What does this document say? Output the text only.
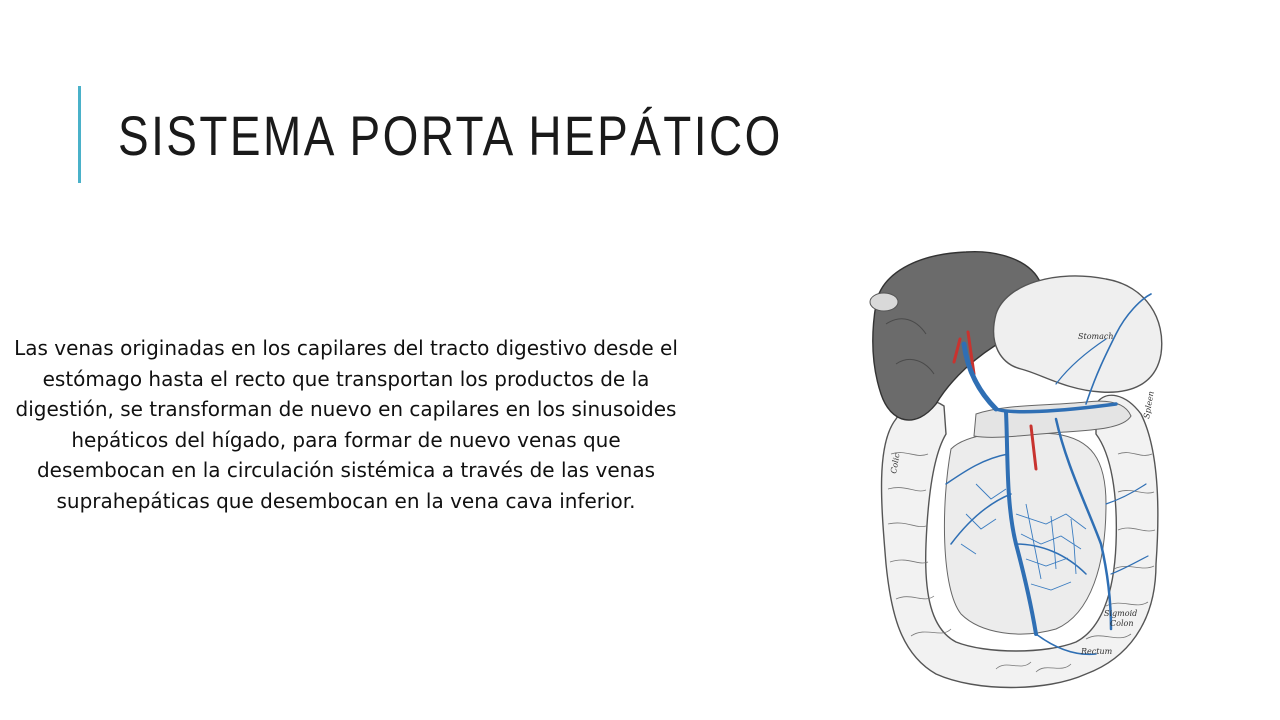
SISTEMA PORTA HEPÁTICO

Las venas originadas en los capilares del tracto digestivo desde el estómago hasta el recto que transportan los productos de la digestión, se transforman de nuevo en capilares en los sinusoides hepáticos del hígado, para formar de nuevo venas que desembocan en la circulación sistémica a través de las venas suprahepáticas que desembocan en la vena cava inferior.

Stomach
Spleen
Colic
Sigmoid
Colon
Rectum
